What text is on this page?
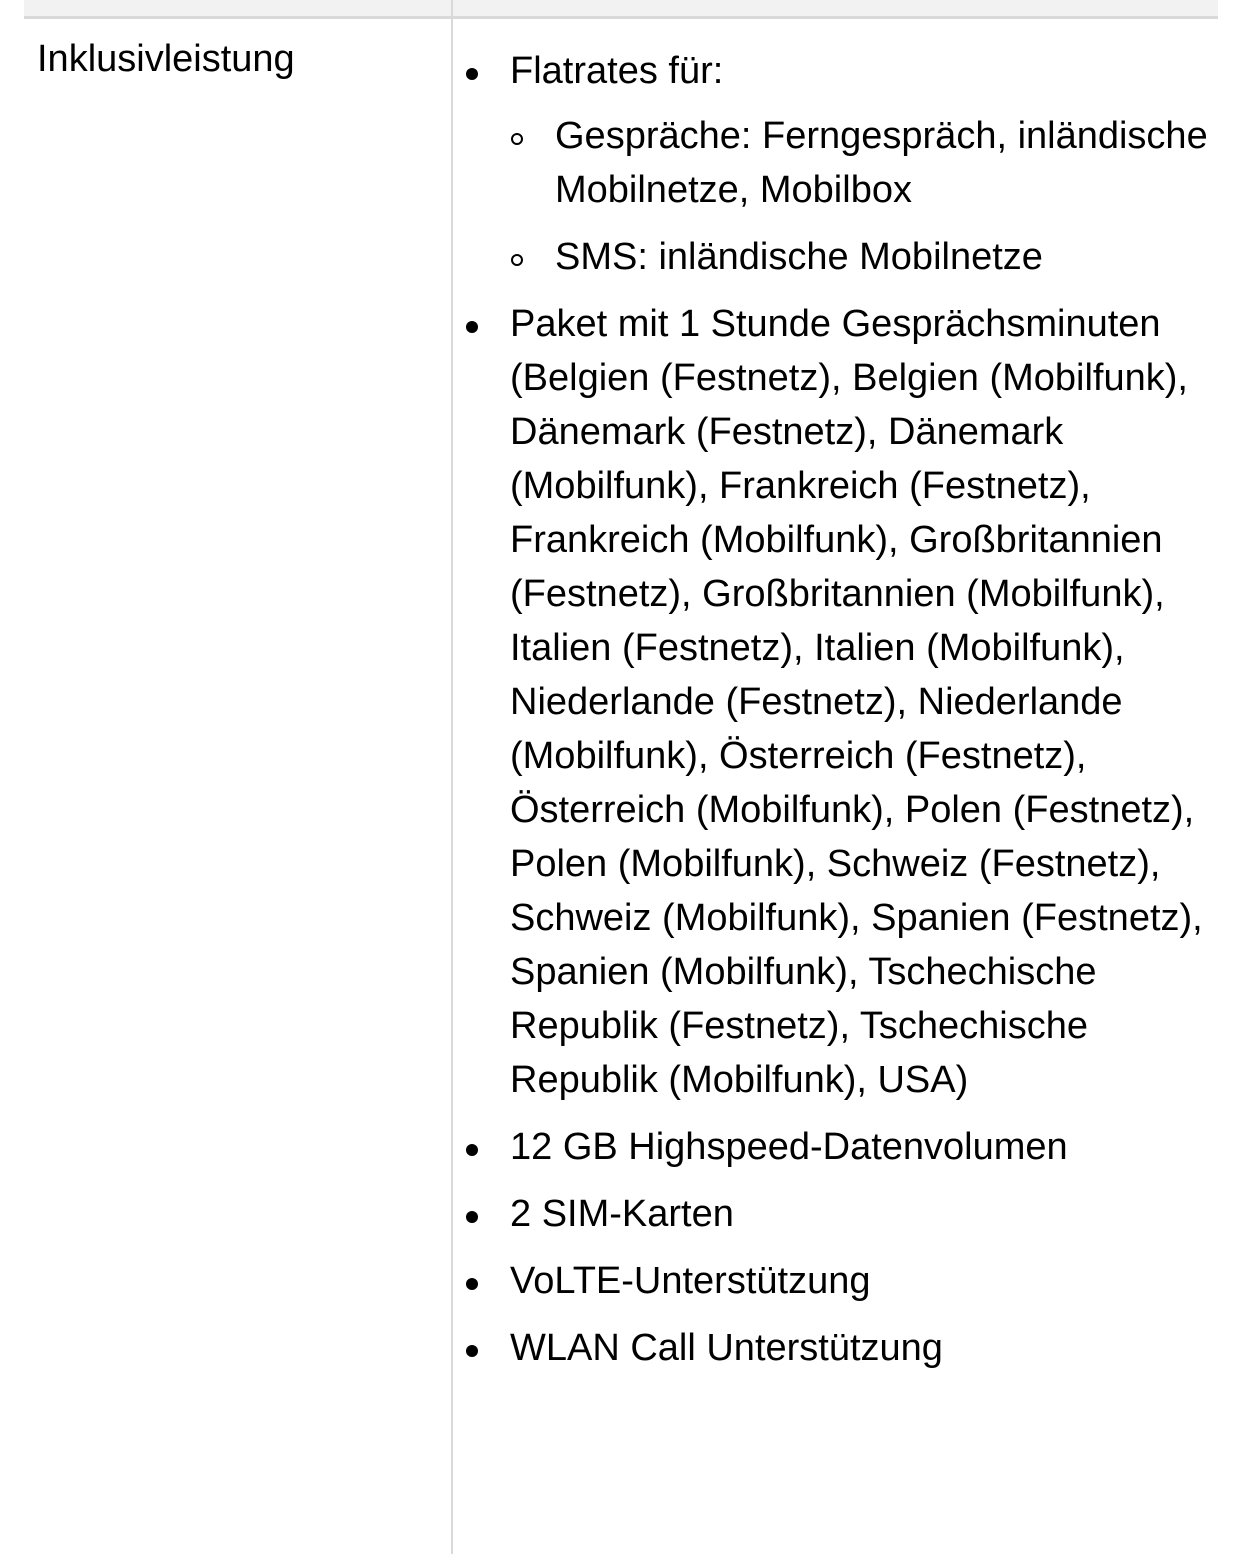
Inklusivleistung	Flatrates für:
Gespräche: Ferngespräch, inländische Mobilnetze, Mobilbox
SMS: inländische Mobilnetze
Paket mit 1 Stunde Gesprächsminuten (Belgien (Festnetz), Belgien (Mobilfunk), Dänemark (Festnetz), Dänemark (Mobilfunk), Frankreich (Festnetz), Frankreich (Mobilfunk), Großbritannien (Festnetz), Großbritannien (Mobilfunk), Italien (Festnetz), Italien (Mobilfunk), Niederlande (Festnetz), Niederlande (Mobilfunk), Österreich (Festnetz), Österreich (Mobilfunk), Polen (Festnetz), Polen (Mobilfunk), Schweiz (Festnetz), Schweiz (Mobilfunk), Spanien (Festnetz), Spanien (Mobilfunk), Tschechische Republik (Festnetz), Tschechische Republik (Mobilfunk), USA)
12 GB Highspeed-Datenvolumen
2 SIM-Karten
VoLTE-Unterstützung
WLAN Call Unterstützung
